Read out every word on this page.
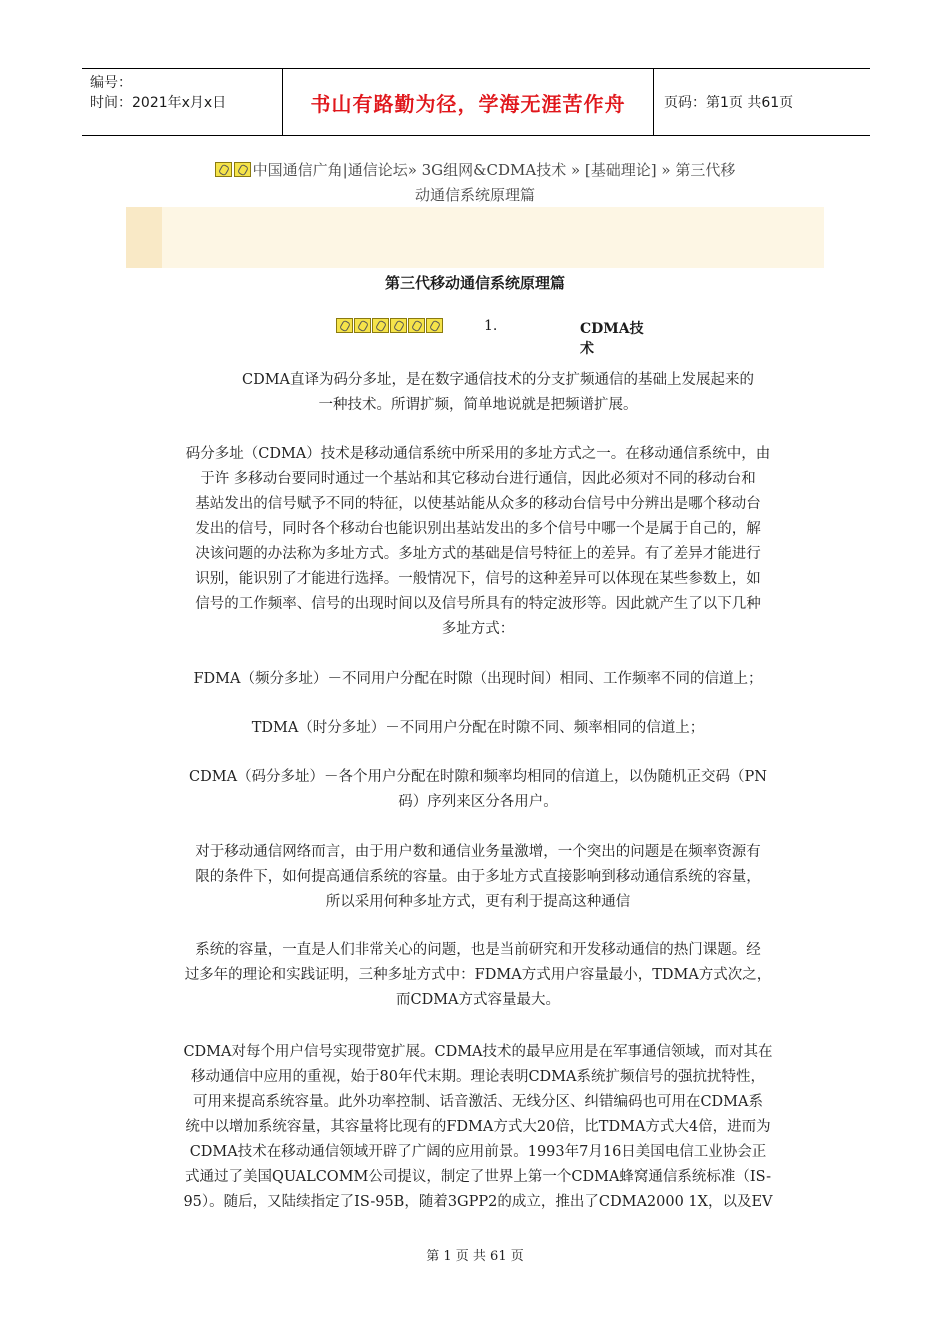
编号：
时间：2021年x月x日	书山有路勤为径，学海无涯苦作舟	页码：第1页 共61页
中国通信广角|通信论坛» 3G组网&CDMA技术 » [基础理论] » 第三代移
动通信系统原理篇
第三代移动通信系统原理篇
1.	CDMA技术
CDMA直译为码分多址，是在数字通信技术的分支扩频通信的基础上发展起来的
一种技术。所谓扩频，简单地说就是把频谱扩展。
码分多址（CDMA）技术是移动通信系统中所采用的多址方式之一。在移动通信系统中，由
于许 多移动台要同时通过一个基站和其它移动台进行通信，因此必须对不同的移动台和
基站发出的信号赋予不同的特征，以使基站能从众多的移动台信号中分辨出是哪个移动台
发出的信号，同时各个移动台也能识别出基站发出的多个信号中哪一个是属于自己的，解
决该问题的办法称为多址方式。多址方式的基础是信号特征上的差异。有了差异才能进行
识别，能识别了才能进行选择。一般情况下，信号的这种差异可以体现在某些参数上，如
信号的工作频率、信号的出现时间以及信号所具有的特定波形等。因此就产生了以下几种
多址方式：
FDMA（频分多址）－不同用户分配在时隙（出现时间）相同、工作频率不同的信道上；
TDMA（时分多址）－不同用户分配在时隙不同、频率相同的信道上；
CDMA（码分多址）－各个用户分配在时隙和频率均相同的信道上，以伪随机正交码（PN
码）序列来区分各用户。
对于移动通信网络而言，由于用户数和通信业务量激增，一个突出的问题是在频率资源有
限的条件下，如何提高通信系统的容量。由于多址方式直接影响到移动通信系统的容量，
所以采用何种多址方式，更有利于提高这种通信
系统的容量，一直是人们非常关心的问题，也是当前研究和开发移动通信的热门课题。经
过多年的理论和实践证明，三种多址方式中：FDMA方式用户容量最小，TDMA方式次之，
而CDMA方式容量最大。
CDMA对每个用户信号实现带宽扩展。CDMA技术的最早应用是在军事通信领域，而对其在
移动通信中应用的重视，始于80年代末期。理论表明CDMA系统扩频信号的强抗扰特性，
可用来提高系统容量。此外功率控制、话音激活、无线分区、纠错编码也可用在CDMA系
统中以增加系统容量，其容量将比现有的FDMA方式大20倍，比TDMA方式大4倍，进而为
CDMA技术在移动通信领域开辟了广阔的应用前景。1993年7月16日美国电信工业协会正
式通过了美国QUALCOMM公司提议，制定了世界上第一个CDMA蜂窝通信系统标准（IS-
95）。随后，又陆续指定了IS-95B，随着3GPP2的成立，推出了CDMA2000 1X，以及EV
第 1 页 共 61 页
